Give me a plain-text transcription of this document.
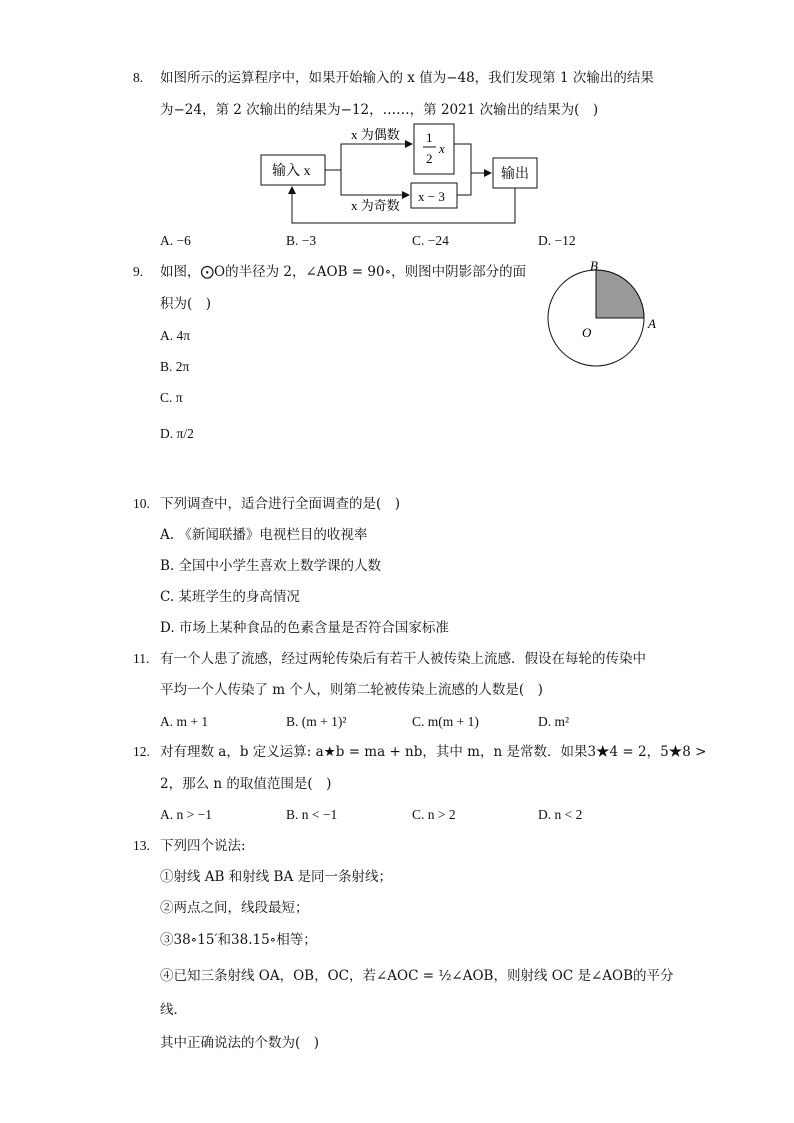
8. 如图所示的运算程序中，如果开始输入的 x 值为−48，我们发现第 1 次输出的结果
为−24，第 2 次输出的结果为−12，……，第 2021 次输出的结果为(　)
输入 x
x 为偶数
x 为奇数
1
2
x
x − 3
输出
A. −6	B. −3	C. −24	D. −12
9. 如图，⨀O的半径为 2，∠AOB = 90∘，则图中阴影部分的面
积为(　)
A. 4π
B. 2π
C. π
D. π/2
B
A
O
10. 下列调查中，适合进行全面调查的是(　)
A. 《新闻联播》电视栏目的收视率
B. 全国中小学生喜欢上数学课的人数
C. 某班学生的身高情况
D. 市场上某种食品的色素含量是否符合国家标准
11. 有一个人患了流感，经过两轮传染后有若干人被传染上流感．假设在每轮的传染中
平均一个人传染了 m 个人，则第二轮被传染上流感的人数是(　)
A. m + 1	B. (m + 1)²	C. m(m + 1)	D. m²
12. 对有理数 a，b 定义运算: a★b = ma + nb，其中 m，n 是常数．如果3★4 = 2，5★8 >
2，那么 n 的取值范围是(　)
A. n > −1	B. n < −1	C. n > 2	D. n < 2
13. 下列四个说法:
①射线 AB 和射线 BA 是同一条射线；
②两点之间，线段最短；
③38∘15′和38.15∘相等；
④已知三条射线 OA，OB，OC，若∠AOC = ½∠AOB，则射线 OC 是∠AOB的平分
线．
其中正确说法的个数为(　)
